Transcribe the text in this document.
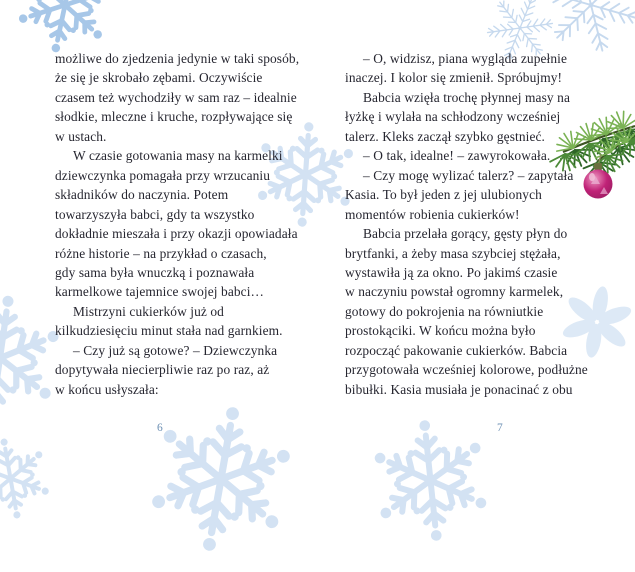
możliwe do zjedzenia jedynie w taki sposób,
że się je skrobało zębami. Oczywiście
czasem też wychodziły w sam raz – idealnie
słodkie, mleczne i kruche, rozpływające się
w ustach.
W czasie gotowania masy na karmelki
dziewczynka pomagała przy wrzucaniu
składników do naczynia. Potem
towarzyszyła babci, gdy ta wszystko
dokładnie mieszała i przy okazji opowiadała
różne historie – na przykład o czasach,
gdy sama była wnuczką i poznawała
karmelkowe tajemnice swojej babci…
Mistrzyni cukierków już od
kilkudziesięciu minut stała nad garnkiem.
– Czy już są gotowe? – Dziewczynka
dopytywała niecierpliwie raz po raz, aż
w końcu usłyszała:
6
– O, widzisz, piana wygląda zupełnie
inaczej. I kolor się zmienił. Spróbujmy!
Babcia wzięła trochę płynnej masy na
łyżkę i wylała na schłodzony wcześniej
talerz. Kleks zaczął szybko gęstnieć.
– O tak, idealne! – zawyrokowała.
– Czy mogę wylizać talerz? – zapytała
Kasia. To był jeden z jej ulubionych
momentów robienia cukierków!
Babcia przelała gorący, gęsty płyn do
brytfanki, a żeby masa szybciej stężała,
wystawiła ją za okno. Po jakimś czasie
w naczyniu powstał ogromny karmelek,
gotowy do pokrojenia na równiutkie
prostokąciki. W końcu można było
rozpocząć pakowanie cukierków. Babcia
przygotowała wcześniej kolorowe, podłużne
bibułki. Kasia musiała je ponacinać z obu
7
